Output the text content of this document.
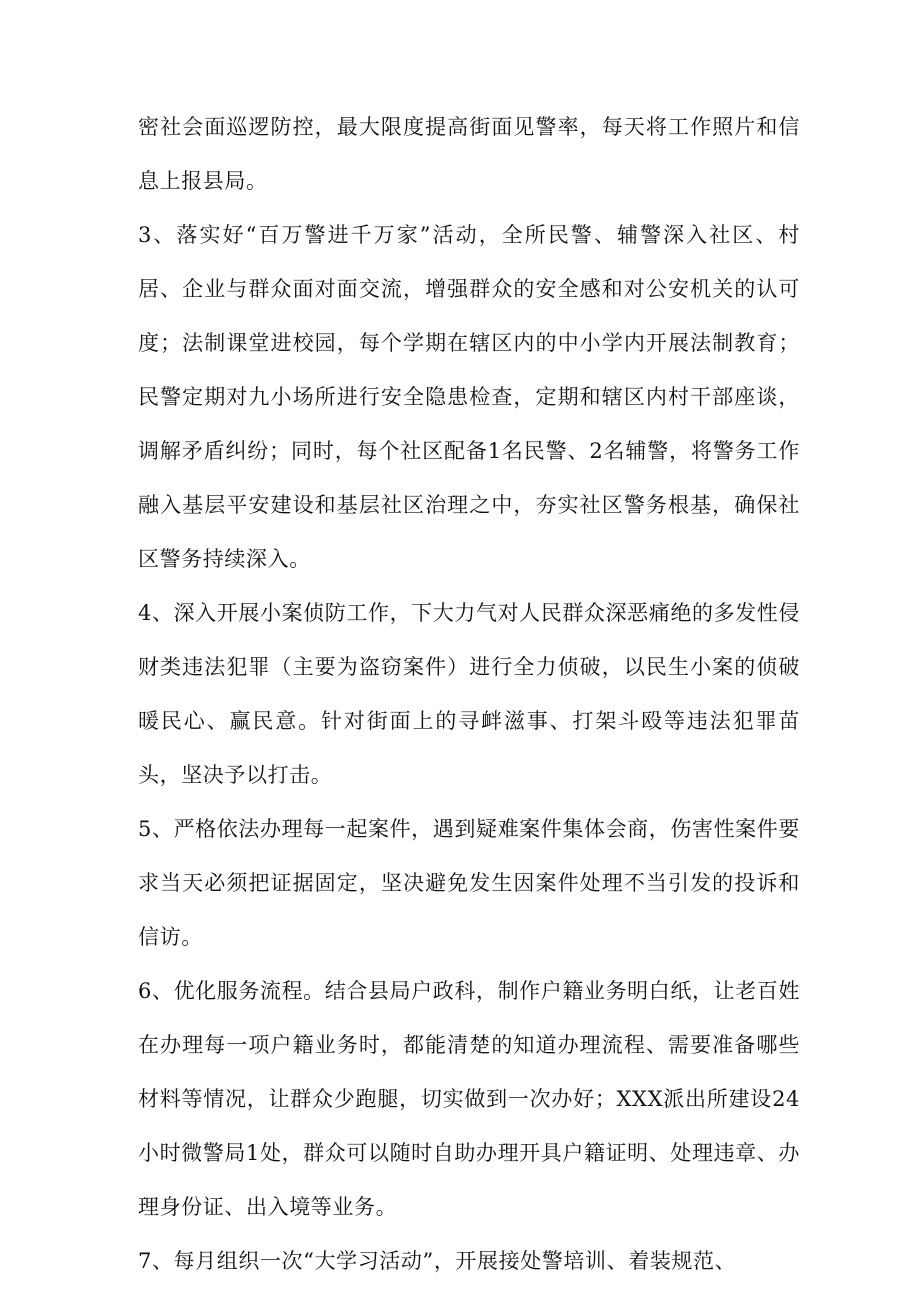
密社会面巡逻防控，最大限度提高街面见警率，每天将工作照片和信息上报县局。

3、落实好“百万警进千万家”活动，全所民警、辅警深入社区、村居、企业与群众面对面交流，增强群众的安全感和对公安机关的认可度；法制课堂进校园，每个学期在辖区内的中小学内开展法制教育；民警定期对九小场所进行安全隐患检查，定期和辖区内村干部座谈，调解矛盾纠纷；同时，每个社区配备1名民警、2名辅警，将警务工作融入基层平安建设和基层社区治理之中，夯实社区警务根基，确保社区警务持续深入。

4、深入开展小案侦防工作，下大力气对人民群众深恶痛绝的多发性侵财类违法犯罪（主要为盗窃案件）进行全力侦破，以民生小案的侦破暖民心、赢民意。针对街面上的寻衅滋事、打架斗殴等违法犯罪苗头，坚决予以打击。

5、严格依法办理每一起案件，遇到疑难案件集体会商，伤害性案件要求当天必须把证据固定，坚决避免发生因案件处理不当引发的投诉和信访。

6、优化服务流程。结合县局户政科，制作户籍业务明白纸，让老百姓在办理每一项户籍业务时，都能清楚的知道办理流程、需要准备哪些材料等情况，让群众少跑腿，切实做到一次办好；XXX派出所建设24小时微警局1处，群众可以随时自助办理开具户籍证明、处理违章、办理身份证、出入境等业务。

7、每月组织一次“大学习活动”，开展接处警培训、着装规范、
